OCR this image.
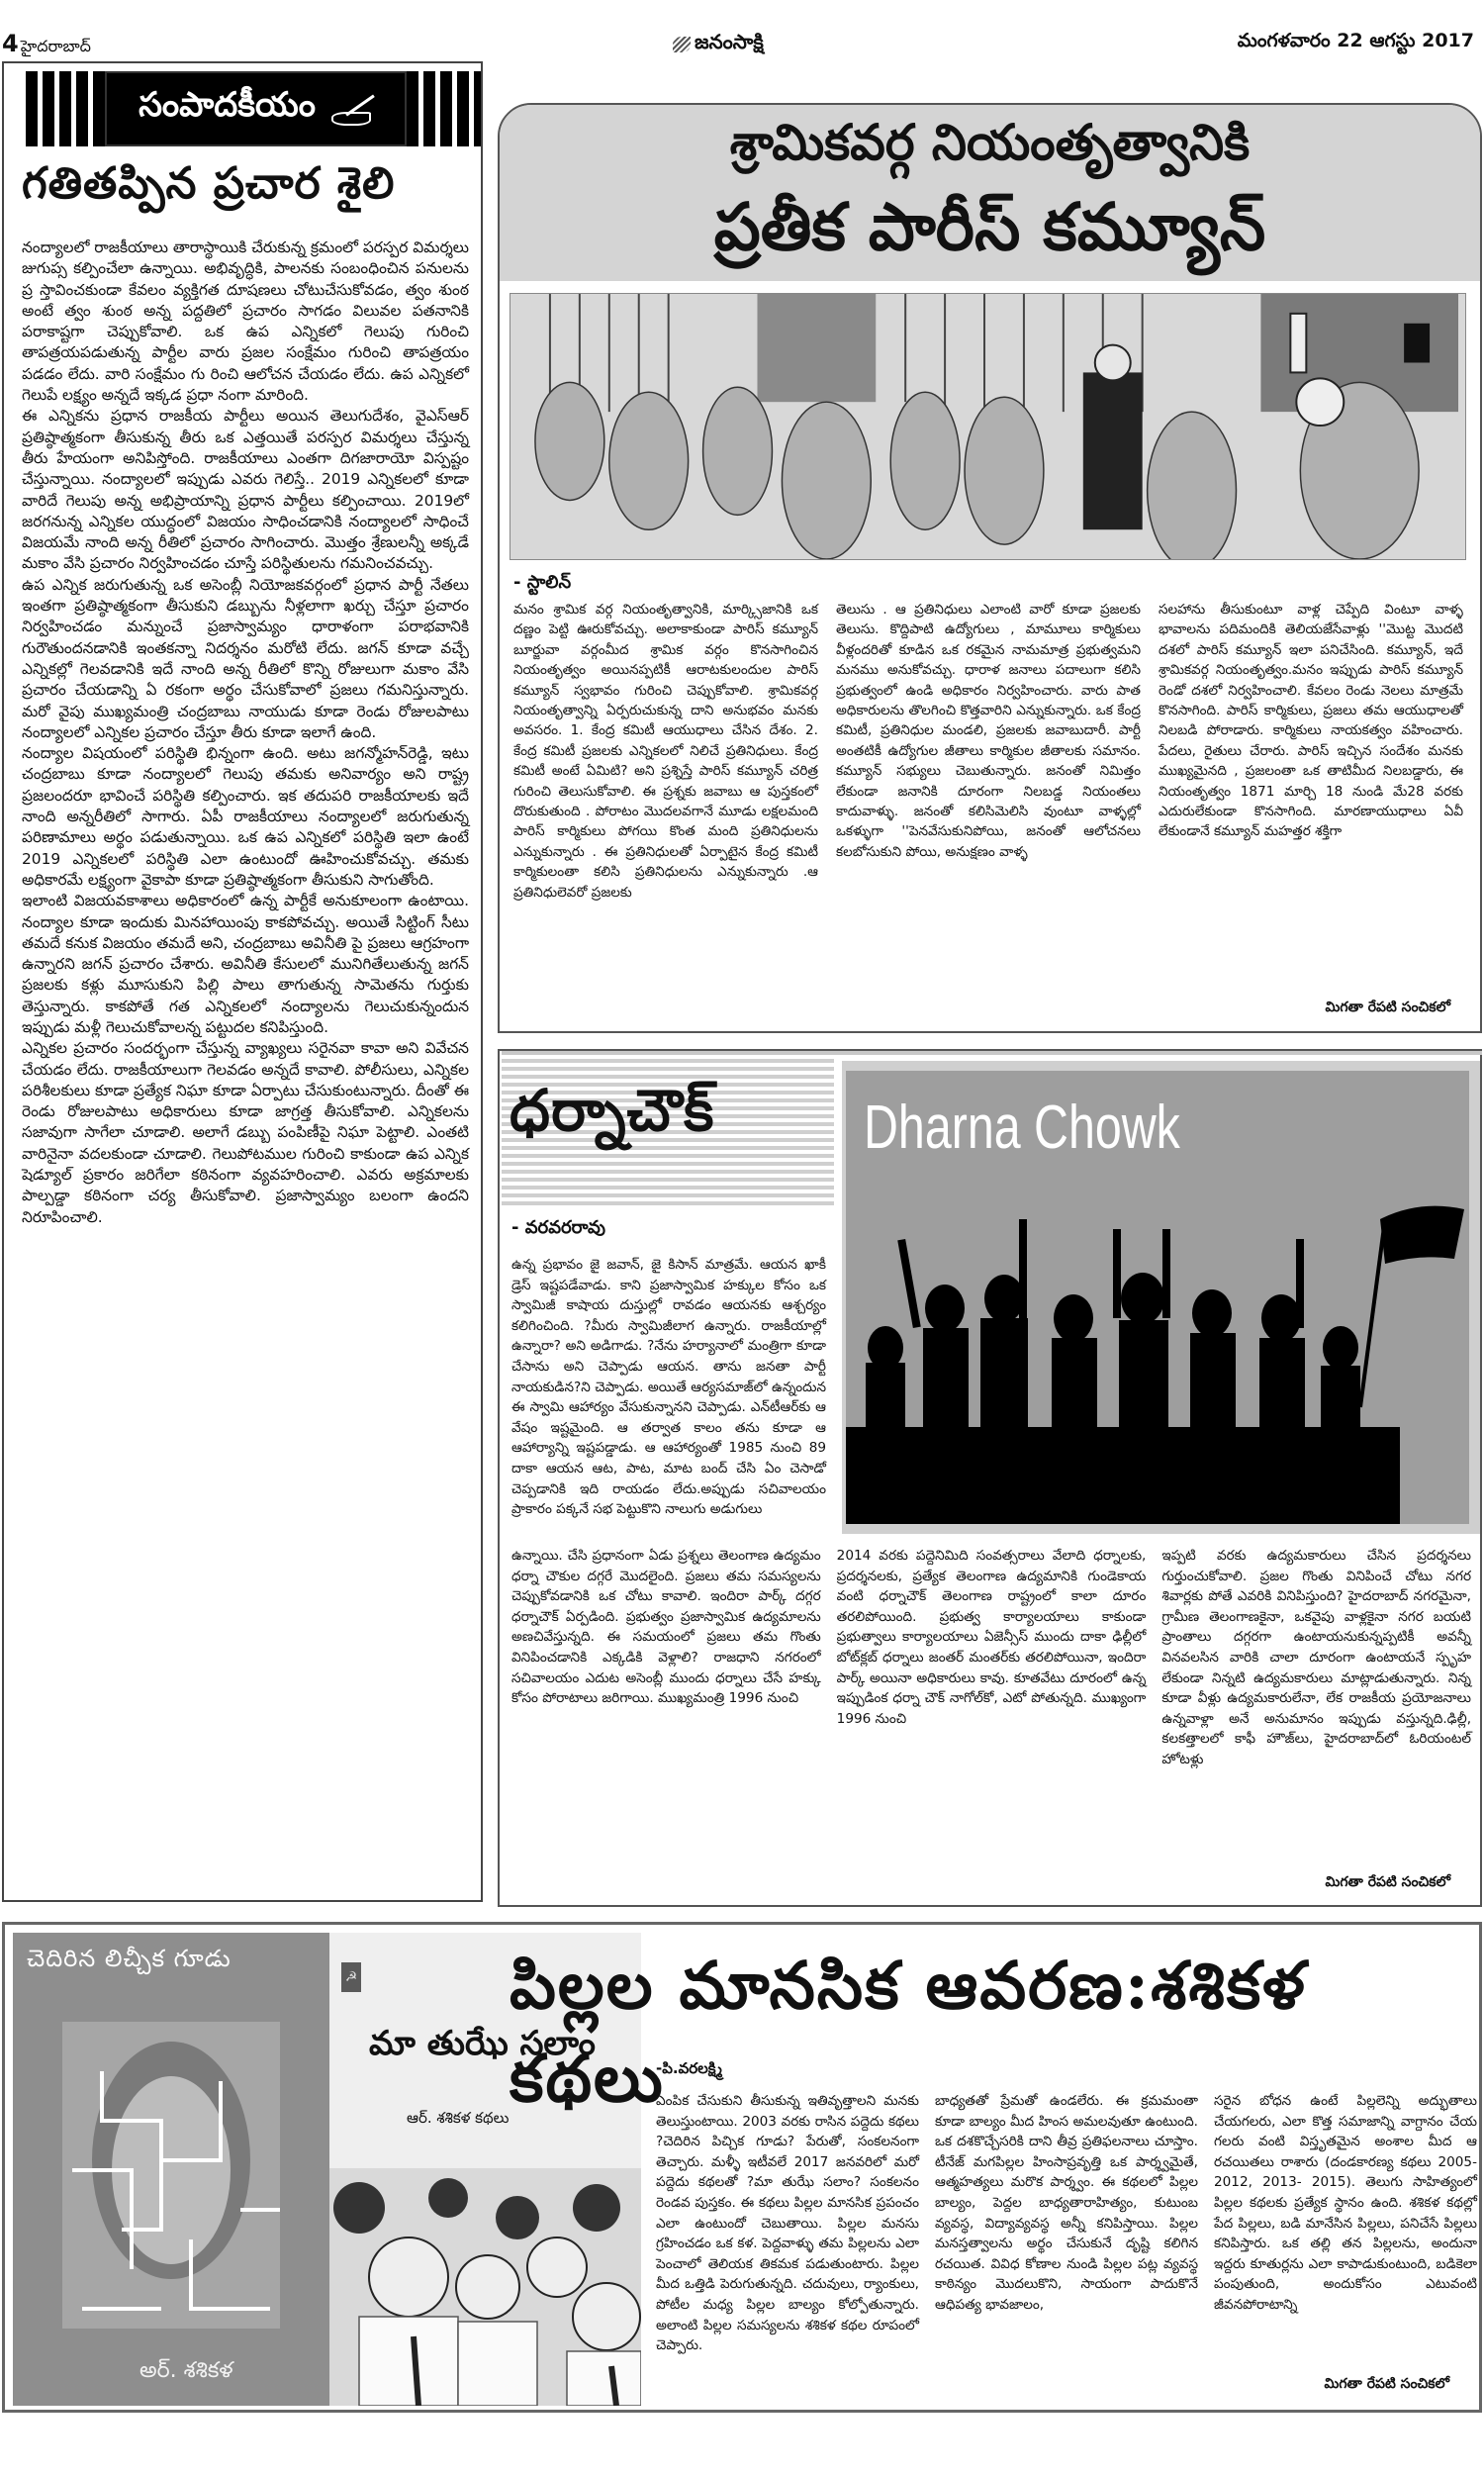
4 హైదరాబాద్	జనంసాక్షి	మంగళవారం 22 ఆగస్టు 2017
సంపాదకీయం
గతితప్పిన ప్రచార శైలి

నంద్యాలలో రాజకీయాలు తారాస్థాయికి చేరుకున్న క్రమంలో పరస్పర విమర్శలు జుగుప్స కల్పించేలా ఉన్నాయి. అభివృద్ధికి, పాలనకు సంబంధించిన పనులను ప్ర స్తావించకుండా కేవలం వ్యక్తిగత దూషణలు చోటుచేసుకోవడం, త్వం శుంఠ అంటే త్వం శుంఠ అన్న పద్దతిలో ప్రచారం సాగడం విలువల పతనానికి పరాకాష్టగా చెప్పుకోవాలి. ఒక ఉప ఎన్నికలో గెలుపు గురించి తాపత్రయపడుతున్న పార్టీల వారు ప్రజల సంక్షేమం గురించి తాపత్రయం పడడం లేదు. వారి సంక్షేమం గు రించి ఆలోచన చేయడం లేదు. ఉప ఎన్నికలో గెలుపే లక్ష్యం అన్నదే ఇక్కడ ప్రధా నంగా మారింది.

ఈ ఎన్నికను ప్రధాన రాజకీయ పార్టీలు అయిన తెలుగుదేశం, వైఎస్‌ఆర్‌ ప్రతిష్ఠాత్మకంగా తీసుకున్న తీరు ఒక ఎత్తయితే పరస్పర విమర్శలు చేస్తున్న తీరు హేయంగా అనిపిస్తోంది. రాజకీయాలు ఎంతగా దిగజారాయో విస్పష్టం చేస్తున్నాయి. నంద్యాలలో ఇప్పుడు ఎవరు గెలిస్తే.. 2019 ఎన్నికలలో కూడా వారిదే గెలుపు అన్న అభిప్రాయాన్ని ప్రధాన పార్టీలు కల్పించాయి. 2019లో జరగనున్న ఎన్నికల యుద్ధంలో విజయం సాధించడానికి నంద్యాలలో సాధించే విజయమే నాంది అన్న రీతిలో ప్రచారం సాగించారు. మొత్తం శ్రేణులన్నీ అక్కడే మకాం వేసి ప్రచారం నిర్వహించడం చూస్తే పరిస్థితులను గమనించవచ్చు.

ఉప ఎన్నిక జరుగుతున్న ఒక అసెంబ్లీ నియోజకవర్గంలో ప్రధాన పార్టీ నేతలు ఇంతగా ప్రతిష్ఠాత్మకంగా తీసుకుని డబ్బును నీళ్లలాగా ఖర్చు చేస్తూ ప్రచారం నిర్వహించడం మన్నుంచే ప్రజాస్వామ్యం ధారాళంగా పరాభవానికి గురౌతుందనడానికి ఇంతకన్నా నిదర్శనం మరోటి లేదు. జగన్‌ కూడా వచ్చే ఎన్నికల్లో గెలవడానికి ఇదే నాంది అన్న రీతిలో కొన్ని రోజులుగా మకాం వేసి ప్రచారం చేయడాన్ని ఏ రకంగా అర్థం చేసుకోవాలో ప్రజలు గమనిస్తున్నారు. మరో వైపు ముఖ్యమంత్రి చంద్రబాబు నాయుడు కూడా రెండు రోజులపాటు నంద్యాలలో ఎన్నికల ప్రచారం చేస్తూ తీరు కూడా ఇలాగే ఉంది.

నంద్యాల విషయంలో పరిస్థితి భిన్నంగా ఉంది. అటు జగన్మోహన్‌రెడ్డి, ఇటు చంద్రబాబు కూడా నంద్యాలలో గెలుపు తమకు అనివార్యం అని రాష్ట్ర ప్రజలందరూ భావించే పరిస్థితి కల్పించారు. ఇక తదుపరి రాజకీయాలకు ఇదే నాంది అన్నరీతిలో సాగారు. ఏపీ రాజకీయాలు నంద్యాలలో జరుగుతున్న పరిణామాలు అర్థం పడుతున్నాయి. ఒక ఉప ఎన్నికలో పరిస్థితి ఇలా ఉంటే 2019 ఎన్నికలలో పరిస్థితి ఎలా ఉంటుందో ఊహించుకోవచ్చు. తమకు అధికారమే లక్ష్యంగా వైకాపా కూడా ప్రతిష్ఠాత్మకంగా తీసుకుని సాగుతోంది.

ఇలాంటి విజయవకాశాలు అధికారంలో ఉన్న పార్టీకే అనుకూలంగా ఉంటాయి. నంద్యాల కూడా ఇందుకు మినహాయింపు కాకపోవచ్చు. అయితే సిట్టింగ్‌ సీటు తమదే కనుక విజయం తమదే అని, చంద్రబాబు అవినీతి పై ప్రజలు ఆగ్రహంగా ఉన్నారని జగన్‌ ప్రచారం చేశారు. అవినీతి కేసులలో మునిగితేలుతున్న జగన్‌ ప్రజలకు కళ్లు మూసుకుని పిల్లి పాలు తాగుతున్న సామెతను గుర్తుకు తెస్తున్నారు. కాకపోతే గత ఎన్నికలలో నంద్యాలను గెలుచుకున్నందున ఇప్పుడు మళ్లీ గెలుచుకోవాలన్న పట్టుదల కనిపిస్తుంది.

ఎన్నికల ప్రచారం సందర్భంగా చేస్తున్న వ్యాఖ్యలు సరైనవా కావా అని వివేచన చేయడం లేదు. రాజకీయాలుగా గెలవడం అన్నదే కావాలి. పోలీసులు, ఎన్నికల పరిశీలకులు కూడా ప్రత్యేక నిఘా కూడా ఏర్పాటు చేసుకుంటున్నారు. దీంతో ఈ రెండు రోజులపాటు అధికారులు కూడా జాగ్రత్త తీసుకోవాలి. ఎన్నికలను సజావుగా సాగేలా చూడాలి. అలాగే డబ్బు పంపిణీపై నిఘా పెట్టాలి. ఎంతటి వారినైనా వదలకుండా చూడాలి. గెలుపోటముల గురించి కాకుండా ఉప ఎన్నిక షెడ్యూల్‌ ప్రకారం జరిగేలా కఠినంగా వ్యవహరించాలి. ఎవరు అక్రమాలకు పాల్పడ్డా కఠినంగా చర్య తీసుకోవాలి. ప్రజాస్వామ్యం బలంగా ఉందని నిరూపించాలి.

శ్రామికవర్గ నియంతృత్వానికి
ప్రతీక పారీస్‌ కమ్యూన్‌
- స్టాలిన్‌
మనం శ్రామిక వర్గ నియంతృత్వానికి, మార్క్సిజానికి ఒక దణ్ణం పెట్టి ఊరుకోవచ్చు. అలాకాకుండా పారిస్‌ కమ్యూన్‌ బూర్జువా వర్గంమీద శ్రామిక వర్గం కొనసాగించిన నియంతృత్వం అయినప్పటికీ ఆరాటకులందుల పారిస్‌ కమ్యూన్‌ స్వభావం గురించి చెప్పుకోవాలి. శ్రామికవర్గ నియంతృత్వాన్ని ఏర్పరుచుకున్న దాని అనుభవం మనకు అవసరం. 1. కేంద్ర కమిటీ ఆయుధాలు చేసిన దేశం. 2. కేంద్ర కమిటీ ప్రజలకు ఎన్నికలలో నిలిచే ప్రతినిధులు. కేంద్ర కమిటీ అంటే ఏమిటి? అని ప్రశ్నిస్తే పారిస్‌ కమ్యూన్‌ చరిత్ర గురించి తెలుసుకోవాలి. ఈ ప్రశ్నకు జవాబు ఆ పుస్తకంలో దొరుకుతుంది . పోరాటం మొదలవగానే మూడు లక్షలమంది పారిస్‌ కార్మికులు పోగయి కొంత మంది ప్రతినిధులను ఎన్నుకున్నారు . ఈ ప్రతినిధులతో ఏర్పాటైన కేంద్ర కమిటీ కార్మికులంతా కలిసి ప్రతినిధులను ఎన్నుకున్నారు .ఆ ప్రతినిధులెవరో ప్రజలకు
తెలుసు . ఆ ప్రతినిధులు ఎలాంటి వారో కూడా ప్రజలకు తెలుసు. కొద్దిపాటి ఉద్యోగులు , మామూలు కార్మికులు వీళ్లందరితో కూడిన ఒక రకమైన నామమాత్ర ప్రభుత్వమని మనము అనుకోవచ్చు. ధారాళ జనాలు పదాలుగా కలిసి ప్రభుత్వంలో ఉండి అధికారం నిర్వహించారు. వారు పాత అధికారులను తొలగించి కొత్తవారిని ఎన్నుకున్నారు. ఒక కేంద్ర కమిటీ, ప్రతినిధుల మండలి, ప్రజలకు జవాబుదారీ. పార్టీ అంతటికీ ఉద్యోగుల జీతాలు కార్మికుల జీతాలకు సమానం. కమ్యూన్‌ సభ్యులు చెబుతున్నారు. జనంతో నిమిత్తం లేకుండా జనానికి దూరంగా నిలబడ్డ నియంతలు కాదువాళ్ళు. జనంతో కలిసిమెలిసి వుంటూ వాళ్ళల్లో ఒకళ్ళుగా ''పెనవేసుకునిపోయి, జనంతో ఆలోచనలు కలబోసుకుని పోయి, అనుక్షణం వాళ్ళ
సలహాను తీసుకుంటూ వాళ్ల చెప్పేది వింటూ వాళ్ళ భావాలను పదిమందికి తెలియజేసేవాళ్లు ''మొట్ట మొదటి దశలో పారిస్‌ కమ్యూన్‌ ఇలా పనిచేసింది. కమ్యూన్‌, ఇదే శ్రామికవర్గ నియంతృత్వం.మనం ఇప్పుడు పారిస్‌ కమ్యూన్‌ రెండో దశలో నిర్వహించాలి. కేవలం రెండు నెలలు మాత్రమే కొనసాగింది. పారిస్‌ కార్మికులు, ప్రజలు తమ ఆయుధాలతో నిలబడి పోరాడారు. కార్మికులు నాయకత్వం వహించారు. పేదలు, రైతులు చేరారు. పారిస్‌ ఇచ్చిన సందేశం మనకు ముఖ్యమైనది , ప్రజలంతా ఒక తాటిమీద నిలబడ్డారు, ఈ నియంతృత్వం 1871 మార్చి 18 నుండి మే28 వరకు ఎదురులేకుండా కొనసాగింది. మారణాయుధాలు ఏవీ లేకుండానే కమ్యూన్‌ మహత్తర శక్తిగా
మిగతా రేపటి సంచికలో
ధర్నాచౌక్‌ Dharna Chowk
- వరవరరావు
ఉన్న ప్రభావం జై జవాన్‌, జై కిసాన్‌ మాత్రమే. ఆయన ఖాకీ డ్రెస్‌ ఇష్టపడేవాడు. కాని ప్రజాస్వామిక హక్కుల కోసం ఒక స్వామిజీ కాషాయ దుస్తుల్లో రావడం ఆయనకు ఆశ్చర్యం కలిగించింది. ?మీరు స్వామిజీలాగ ఉన్నారు. రాజకీయాల్లో ఉన్నారా? అని అడిగాడు. ?నేను హర్యానాలో మంత్రిగా కూడా చేసాను అని చెప్పాడు ఆయన. తాను జనతా పార్టీ నాయకుడిన?ని చెప్పాడు. అయితే ఆర్యసమాజ్‌లో ఉన్నందున ఈ స్వామి ఆహార్యం వేసుకున్నానని చెప్పాడు. ఎన్‌టీఆర్‌కు ఆ వేషం ఇష్టమైంది. ఆ తర్వాత కాలం తను కూడా ఆ ఆహార్యాన్ని ఇష్టపడ్డాడు. ఆ ఆహార్యంతో 1985 నుంచి 89 దాకా ఆయన ఆట, పాట, మాట బంద్‌ చేసి ఏం చెసాడో చెప్పడానికి ఇది రాయడం లేదు.అప్పుడు సచివాలయం ప్రాకారం పక్కనే సభ పెట్టుకొని నాలుగు అడుగులు
ఉన్నాయి. చేసి ప్రధానంగా ఏడు ప్రశ్నలు తెలంగాణ ఉద్యమం ధర్నా చౌకుల దగ్గరే మొదలైంది. ప్రజలు తమ సమస్యలను చెప్పుకోవడానికి ఒక చోటు కావాలి. ఇందిరా పార్క్‌ దగ్గర ధర్నాచౌక్‌ ఏర్పడింది. ప్రభుత్వం ప్రజాస్వామిక ఉద్యమాలను అణచివేస్తున్నది. ఈ సమయంలో ప్రజలు తమ గొంతు వినిపించడానికి ఎక్కడికి వెళ్లాలి? రాజధాని నగరంలో సచివాలయం ఎదుట అసెంబ్లీ ముందు ధర్నాలు చేసే హక్కు కోసం పోరాటాలు జరిగాయి. ముఖ్యమంత్రి 1996 నుంచి
2014 వరకు పద్దెనిమిది సంవత్సరాలు వేలాది ధర్నాలకు, ప్రదర్శనలకు, ప్రత్యేక తెలంగాణ ఉద్యమానికి గుండెకాయ వంటి ధర్నాచౌక్‌ తెలంగాణ రాష్ట్రంలో కాలా దూరం తరలిపోయింది. ప్రభుత్వ కార్యాలయాలు కాకుండా ప్రభుత్వాలు కార్యాలయాలు ఏజెన్సీస్‌ ముందు దాకా ఢిల్లీలో బోట్‌క్లబ్‌ ధర్నాలు జంతర్‌ మంతర్‌కు తరలిపోయినా, ఇందిరా పార్క్‌ అయినా అధికారులు కావు. కూతవేటు దూరంలో ఉన్న ఇప్పుడింక ధర్నా చౌక్‌ నాగోల్‌కో, ఎటో పోతున్నది. ముఖ్యంగా 1996 నుంచి
ఇప్పటి వరకు ఉద్యమకారులు చేసిన ప్రదర్శనలు గుర్తుంచుకోవాలి. ప్రజల గొంతు వినిపించే చోటు నగర శివార్లకు పోతే ఎవరికి వినిపిస్తుంది? హైదరాబాద్‌ నగరమైనా, గ్రామీణ తెలంగాణకైనా, ఒకవైపు వాళ్లకైనా నగర బయటి ప్రాంతాలు దగ్గరగా ఉంటాయనుకున్నప్పటికీ అవన్నీ వినవలసిన వారికి చాలా దూరంగా ఉంటాయనే స్పృహ లేకుండా నిన్నటి ఉద్యమకారులు మాట్లాడుతున్నారు. నిన్న కూడా వీళ్లు ఉద్యమకారులేనా, లేక రాజకీయ ప్రయోజనాలు ఉన్నవాళ్లా అనే అనుమానం ఇప్పుడు వస్తున్నది.ఢిల్లీ, కలకత్తాలలో కాఫీ హౌజ్‌లు, హైదరాబాద్‌లో ఓరియంటల్‌ హోటళ్లు
మిగతా రేపటి సంచికలో
చెదిరిన లిచ్చీక గూడు
అర్‌. శశికళ
☭
మా తుఝే సలాం
ఆర్‌. శశికళ కథలు
పిల్లల మానసిక ఆవరణ:శశికళ కథలు
-పి.వరలక్ష్మి
ఎంపిక చేసుకుని తీసుకున్న ఇతివృత్తాలని మనకు తెలుస్తుంటాయి. 2003 వరకు రాసిన పద్దెదు కథలు ?చెదిరిన పిచ్చిక గూడు? పేరుతో, సంకలనంగా తెచ్చారు. మళ్ళీ ఇటీవలే 2017 జనవరిలో మరో పద్దెదు కథలతో ?మా తుఝే సలాం? సంకలనం రెండవ పుస్తకం. ఈ కథలు పిల్లల మానసిక ప్రపంచం ఎలా ఉంటుందో చెబుతాయి. పిల్లల మనసు గ్రహించడం ఒక కళ. పెద్దవాళ్ళు తమ పిల్లలను ఎలా పెంచాలో తెలియక తికమక పడుతుంటారు. పిల్లల మీద ఒత్తిడి పెరుగుతున్నది. చదువులు, ర్యాంకులు, పోటీల మధ్య పిల్లల బాల్యం కోల్పోతున్నారు. అలాంటి పిల్లల సమస్యలను శశికళ కథల రూపంలో చెప్పారు.
బాధ్యతతో ప్రేమతో ఉండలేరు. ఈ క్రమమంతా కూడా బాల్యం మీద హింస అమలవుతూ ఉంటుంది. ఒక దశకొచ్చేసరికి దాని తీవ్ర ప్రతిఫలనాలు చూస్తాం. టీనేజ్‌ మగపిల్లల హింసాప్రవృత్తి ఒక పార్శ్వమైతే, ఆత్మహత్యలు మరొక పార్శ్వం. ఈ కథలలో పిల్లల బాల్యం, పెద్దల బాధ్యతారాహిత్యం, కుటుంబ వ్యవస్థ, విద్యావ్యవస్థ అన్నీ కనిపిస్తాయి. పిల్లల మనస్తత్వాలను అర్థం చేసుకునే దృష్టి కలిగిన రచయిత. వివిధ కోణాల నుండి పిల్లల పట్ల వ్యవస్థ కాఠిన్యం మొదలుకొని, సాయంగా పాదుకొనే ఆధిపత్య భావజాలం,
సరైన బోధన ఉంటే పిల్లలెన్ని అద్భుతాలు చేయగలరు, ఎలా కొత్త సమాజాన్ని వాగ్దానం చేయ గలరు వంటి విస్తృతమైన అంశాల మీద ఆ రచయితలు రాశారు (దండకారణ్య కథలు 2005-2012, 2013- 2015). తెలుగు సాహిత్యంలో పిల్లల కథలకు ప్రత్యేక స్థానం ఉంది. శశికళ కథల్లో పేద పిల్లలు, బడి మానేసిన పిల్లలు, పనిచేసే పిల్లలు కనిపిస్తారు. ఒక తల్లి తన పిల్లలను, అందునా ఇద్దరు కూతుర్లను ఎలా కాపాడుకుంటుంది, బడికెలా పంపుతుంది, అందుకోసం ఎటువంటి జీవనపోరాటాన్ని
మిగతా రేపటి సంచికలో
